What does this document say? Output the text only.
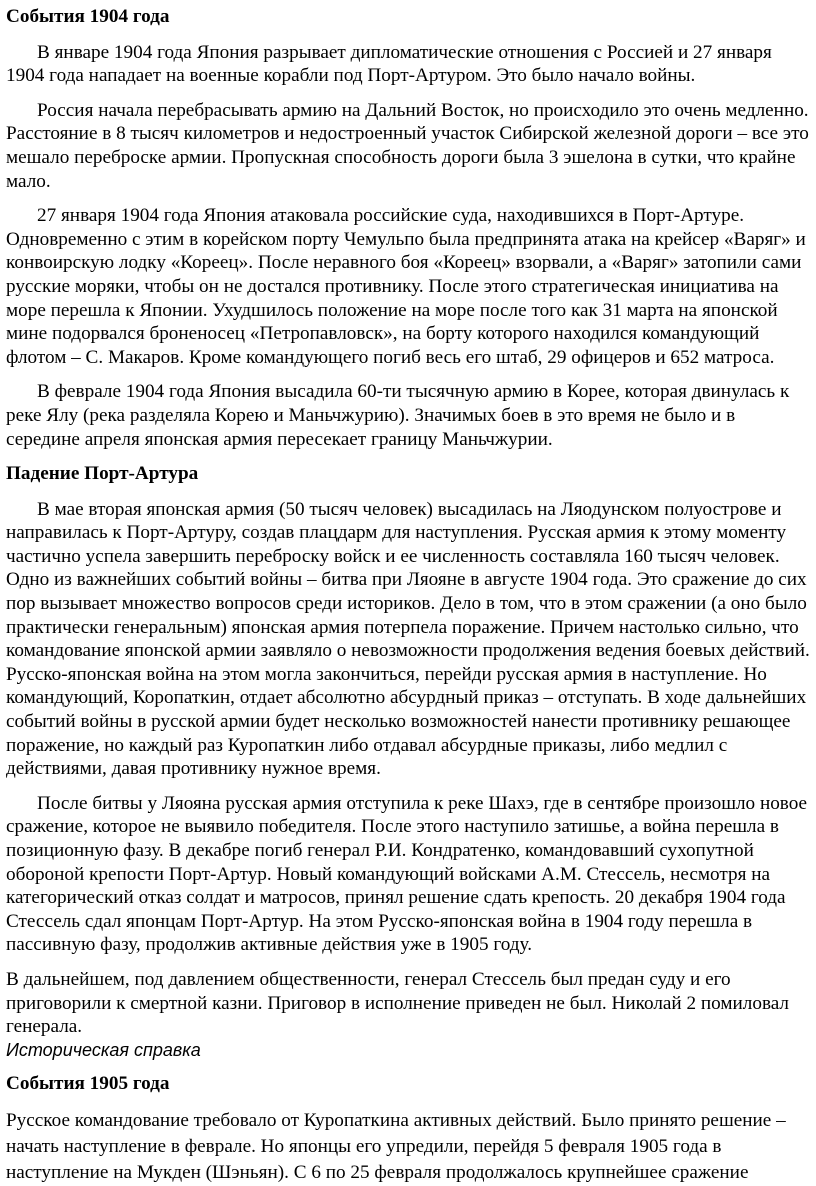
События 1904 года

В январе 1904 года Япония разрывает дипломатические отношения с Россией и 27 января 1904 года нападает на военные корабли под Порт-Артуром. Это было начало войны.

Россия начала перебрасывать армию на Дальний Восток, но происходило это очень медленно. Расстояние в 8 тысяч километров и недостроенный участок Сибирской железной дороги – все это мешало переброске армии. Пропускная способность дороги была 3 эшелона в сутки, что крайне мало.

27 января 1904 года Япония атаковала российские суда, находившихся в Порт-Артуре. Одновременно с этим в корейском порту Чемульпо была предпринята атака на крейсер «Варяг» и конвоирскую лодку «Кореец». После неравного боя «Кореец» взорвали, а «Варяг» затопили сами русские моряки, чтобы он не достался противнику. После этого стратегическая инициатива на море перешла к Японии. Ухудшилось положение на море после того как 31 марта на японской мине подорвался броненосец «Петропавловск», на борту которого находился командующий флотом – С. Макаров. Кроме командующего погиб весь его штаб, 29 офицеров и 652 матроса.

В феврале 1904 года Япония высадила 60-ти тысячную армию в Корее, которая двинулась к реке Ялу (река разделяла Корею и Маньчжурию). Значимых боев в это время не было и в середине апреля японская армия пересекает границу Маньчжурии.

Падение Порт-Артура

В мае вторая японская армия (50 тысяч человек) высадилась на Ляодунском полуострове и направилась к Порт-Артуру, создав плацдарм для наступления. Русская армия к этому моменту частично успела завершить переброску войск и ее численность составляла 160 тысяч человек. Одно из важнейших событий войны – битва при Ляояне в августе 1904 года. Это сражение до сих пор вызывает множество вопросов среди историков. Дело в том, что в этом сражении (а оно было практически генеральным) японская армия потерпела поражение. Причем настолько сильно, что командование японской армии заявляло о невозможности продолжения ведения боевых действий. Русско-японская война на этом могла закончиться, перейди русская армия в наступление. Но командующий, Коропаткин, отдает абсолютно абсурдный приказ – отступать. В ходе дальнейших событий войны в русской армии будет несколько возможностей нанести противнику решающее поражение, но каждый раз Куропаткин либо отдавал абсурдные приказы, либо медлил с действиями, давая противнику нужное время.

После битвы у Ляояна русская армия отступила к реке Шахэ, где в сентябре произошло новое сражение, которое не выявило победителя. После этого наступило затишье, а война перешла в позиционную фазу. В декабре погиб генерал Р.И. Кондратенко, командовавший сухопутной обороной крепости Порт-Артур. Новый командующий войсками А.М. Стессель, несмотря на категорический отказ солдат и матросов, принял решение сдать крепость. 20 декабря 1904 года Стессель сдал японцам Порт-Артур. На этом Русско-японская война в 1904 году перешла в пассивную фазу, продолжив активные действия уже в 1905 году.

В дальнейшем, под давлением общественности, генерал Стессель был предан суду и его приговорили к смертной казни. Приговор в исполнение приведен не был. Николай 2 помиловал генерала.

Историческая справка
События 1905 года

Русское командование требовало от Куропаткина активных действий. Было принято решение – начать наступление в феврале. Но японцы его упредили, перейдя 5 февраля 1905 года в наступление на Мукден (Шэньян). С 6 по 25 февраля продолжалось крупнейшее сражение
